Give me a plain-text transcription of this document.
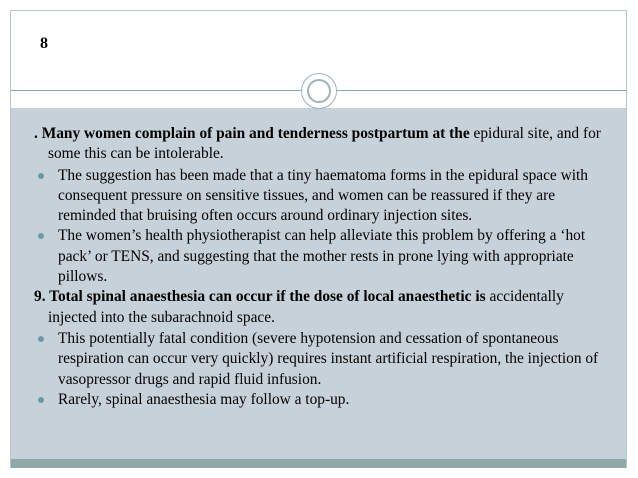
8

. Many women complain of pain and tenderness postpartum at the epidural site, and for some this can be intolerable.

The suggestion has been made that a tiny haematoma forms in the epidural space with consequent pressure on sensitive tissues, and women can be reassured if they are reminded that bruising often occurs around ordinary injection sites.

The women’s health physiotherapist can help alleviate this problem by offering a ‘hot pack’ or TENS, and suggesting that the mother rests in prone lying with appropriate pillows.

9. Total spinal anaesthesia can occur if the dose of local anaesthetic is accidentally injected into the subarachnoid space.

This potentially fatal condition (severe hypotension and cessation of spontaneous respiration can occur very quickly) requires instant artificial respiration, the injection of vasopressor drugs and rapid fluid infusion.

Rarely, spinal anaesthesia may follow a top-up.
